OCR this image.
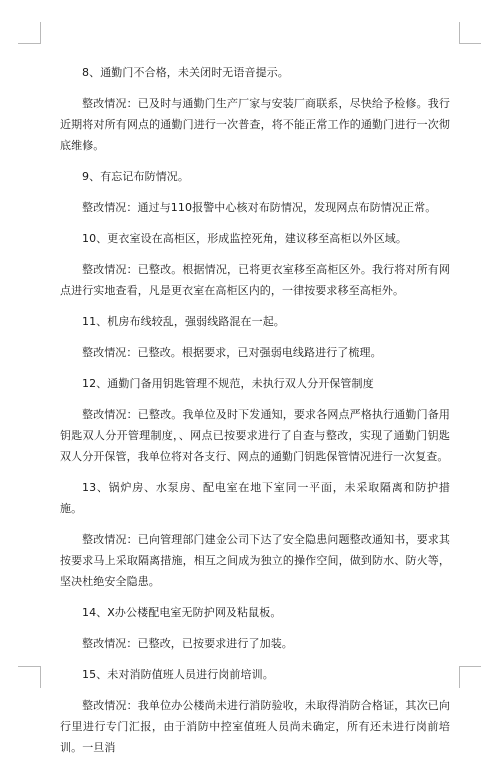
8、通勤门不合格，未关闭时无语音提示。

整改情况：已及时与通勤门生产厂家与安装厂商联系，尽快给予检修。我行近期将对所有网点的通勤门进行一次普查，将不能正常工作的通勤门进行一次彻底维修。

9、有忘记布防情况。

整改情况：通过与110报警中心核对布防情况，发现网点布防情况正常。

10、更衣室设在高柜区，形成监控死角，建议移至高柜以外区域。

整改情况：已整改。根据情况，已将更衣室移至高柜区外。我行将对所有网点进行实地查看，凡是更衣室在高柜区内的，一律按要求移至高柜外。

11、机房布线较乱，强弱线路混在一起。

整改情况：已整改。根据要求，已对强弱电线路进行了梳理。

12、通勤门备用钥匙管理不规范，未执行双人分开保管制度

整改情况：已整改。我单位及时下发通知，要求各网点严格执行通勤门备用钥匙双人分开管理制度，、网点已按要求进行了自查与整改，实现了通勤门钥匙双人分开保管，我单位将对各支行、网点的通勤门钥匙保管情况进行一次复查。

13、锅炉房、水泵房、配电室在地下室同一平面，未采取隔离和防护措施。

整改情况：已向管理部门建金公司下达了安全隐患问题整改通知书，要求其按要求马上采取隔离措施，相互之间成为独立的操作空间，做到防水、防火等，坚决杜绝安全隐患。

14、X办公楼配电室无防护网及粘鼠板。

整改情况：已整改，已按要求进行了加装。

15、未对消防值班人员进行岗前培训。

整改情况：我单位办公楼尚未进行消防验收，未取得消防合格证，其次已向行里进行专门汇报，由于消防中控室值班人员尚未确定，所有还未进行岗前培训。一旦消
